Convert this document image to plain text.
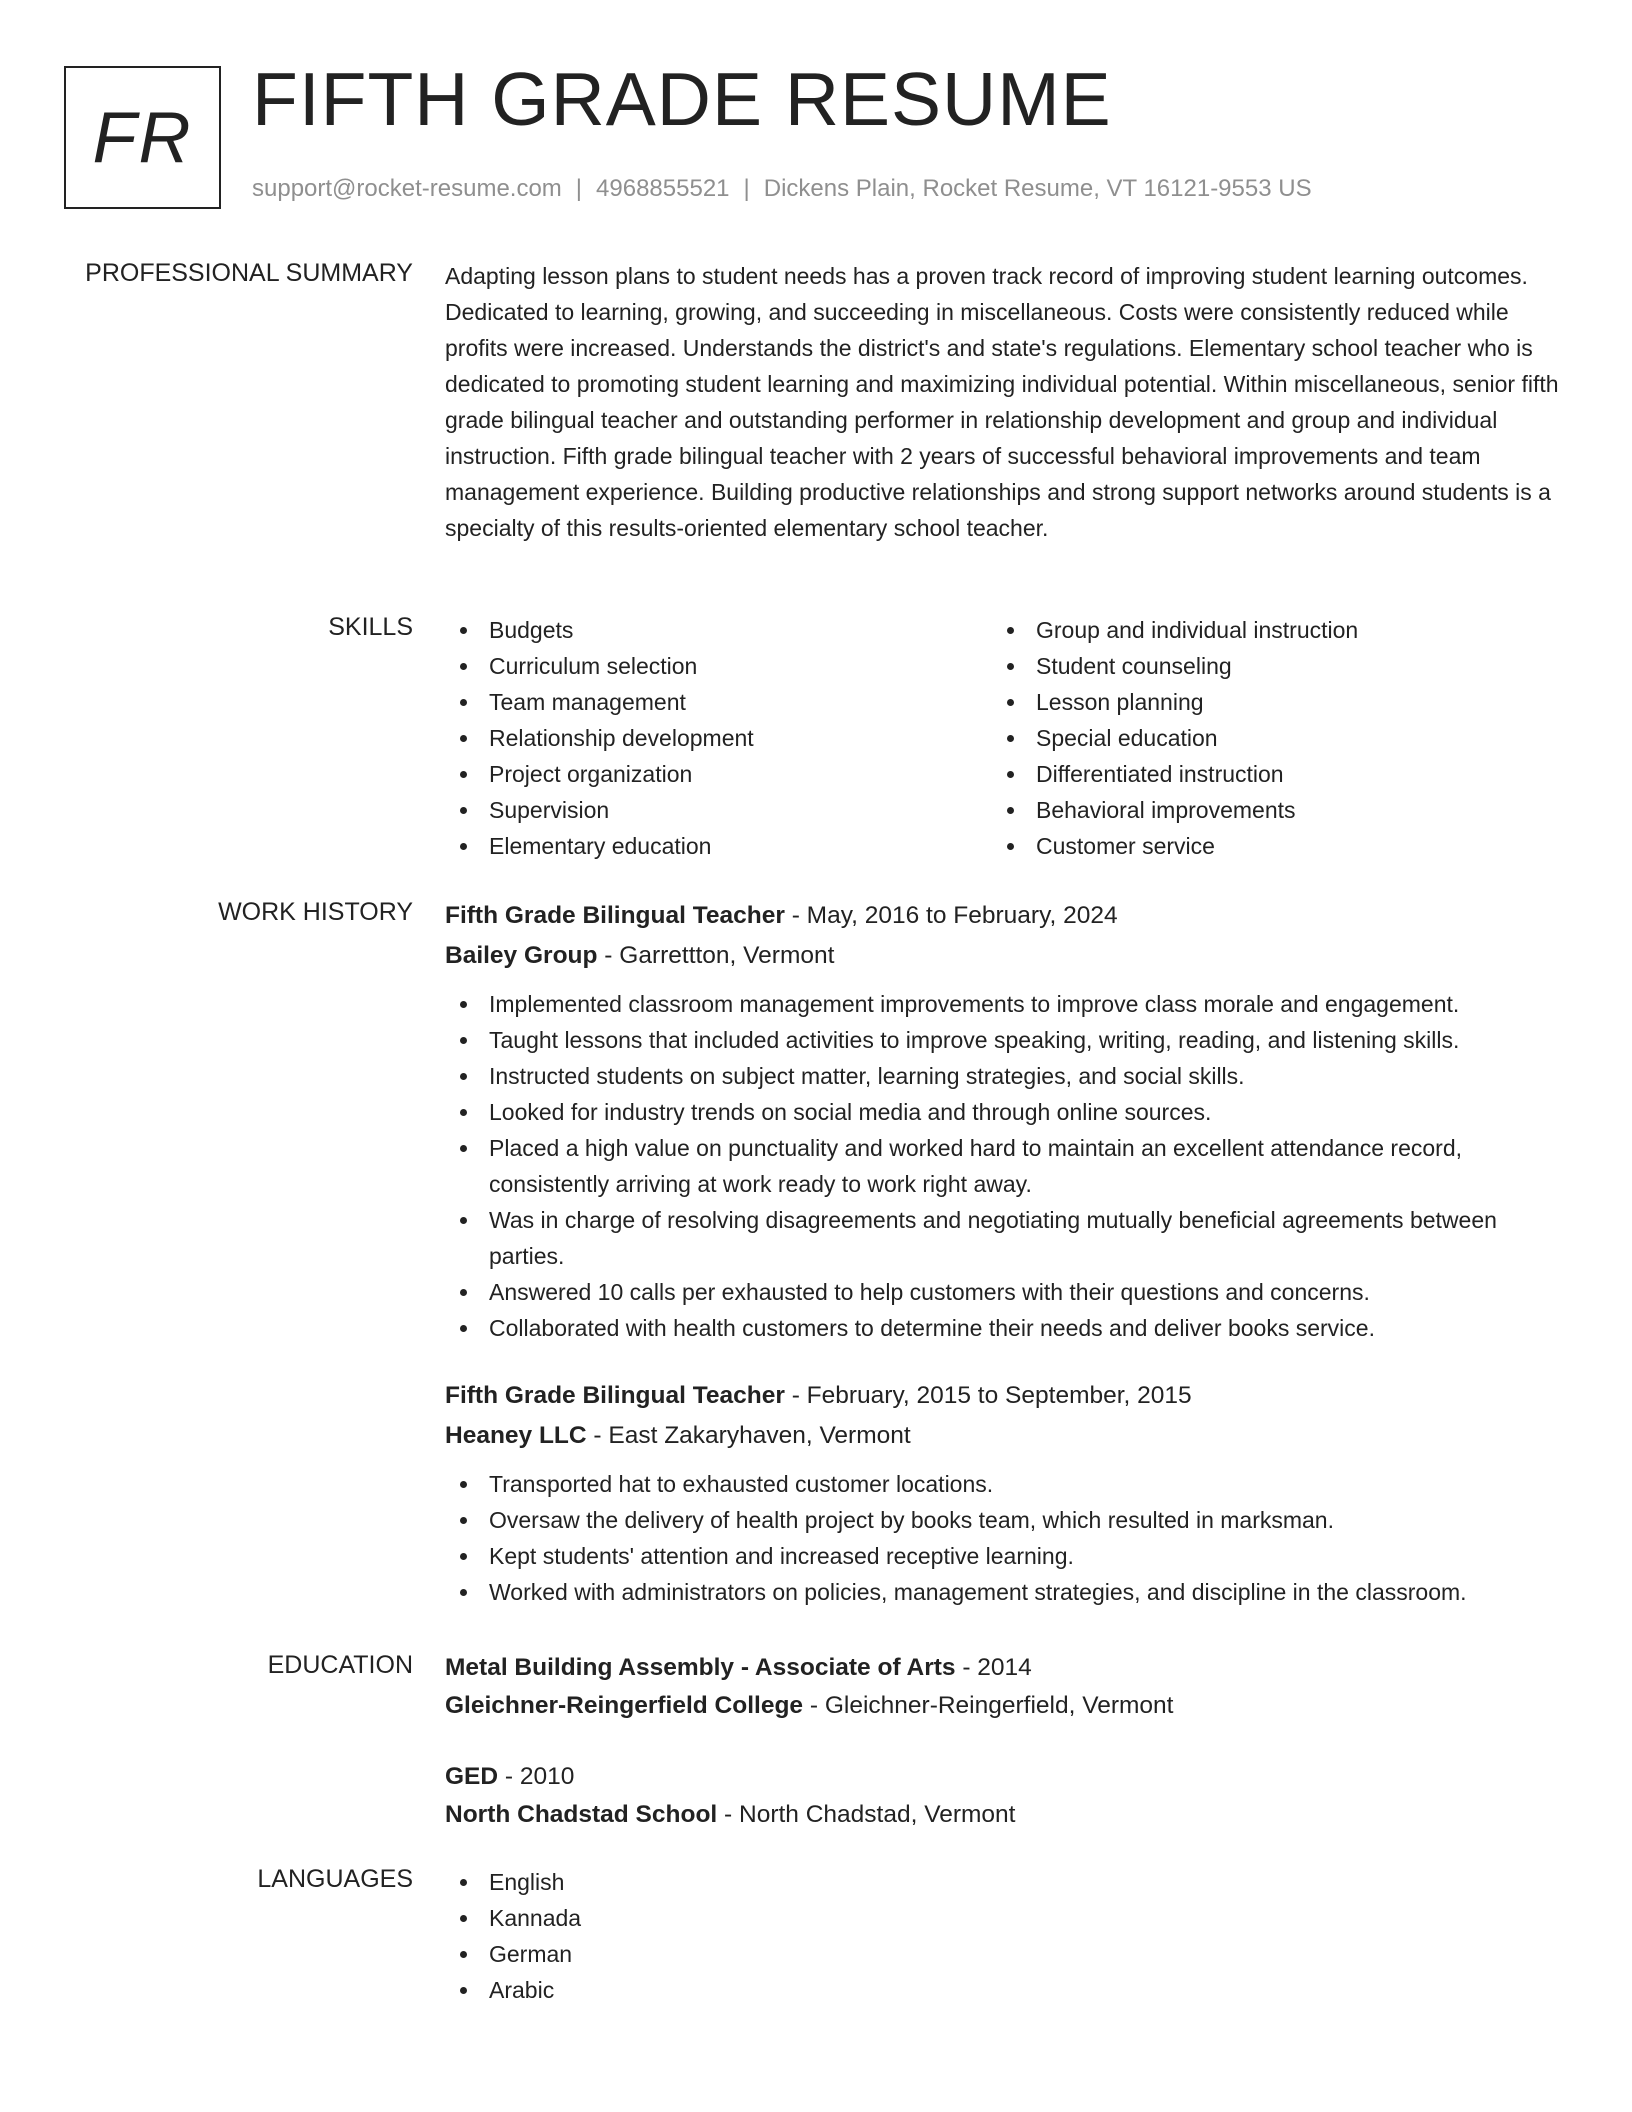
FR FIFTH GRADE RESUME
support@rocket-resume.com | 4968855521 | Dickens Plain, Rocket Resume, VT 16121-9553 US
PROFESSIONAL SUMMARY Adapting lesson plans to student needs has a proven track record of improving student learning outcomes. Dedicated to learning, growing, and succeeding in miscellaneous. Costs were consistently reduced while profits were increased. Understands the district's and state's regulations. Elementary school teacher who is dedicated to promoting student learning and maximizing individual potential. Within miscellaneous, senior fifth grade bilingual teacher and outstanding performer in relationship development and group and individual instruction. Fifth grade bilingual teacher with 2 years of successful behavioral improvements and team management experience. Building productive relationships and strong support networks around students is a specialty of this results-oriented elementary school teacher.

SKILLS	Budgets
Curriculum selection
Team management
Relationship development
Project organization
Supervision
Elementary education
Group and individual instruction
Student counseling
Lesson planning
Special education
Differentiated instruction
Behavioral improvements
Customer service
WORK HISTORY Fifth Grade Bilingual Teacher - May, 2016 to February, 2024
Bailey Group - Garrettton, Vermont
Implemented classroom management improvements to improve class morale and engagement.
Taught lessons that included activities to improve speaking, writing, reading, and listening skills.
Instructed students on subject matter, learning strategies, and social skills.
Looked for industry trends on social media and through online sources.
Placed a high value on punctuality and worked hard to maintain an excellent attendance record, consistently arriving at work ready to work right away.
Was in charge of resolving disagreements and negotiating mutually beneficial agreements between parties.
Answered 10 calls per exhausted to help customers with their questions and concerns.
Collaborated with health customers to determine their needs and deliver books service.
Fifth Grade Bilingual Teacher - February, 2015 to September, 2015
Heaney LLC - East Zakaryhaven, Vermont
Transported hat to exhausted customer locations.
Oversaw the delivery of health project by books team, which resulted in marksman.
Kept students' attention and increased receptive learning.
Worked with administrators on policies, management strategies, and discipline in the classroom.
EDUCATION Metal Building Assembly - Associate of Arts - 2014
Gleichner-Reingerfield College - Gleichner-Reingerfield, Vermont
GED - 2010
North Chadstad School - North Chadstad, Vermont
LANGUAGES	English
Kannada
German
Arabic
